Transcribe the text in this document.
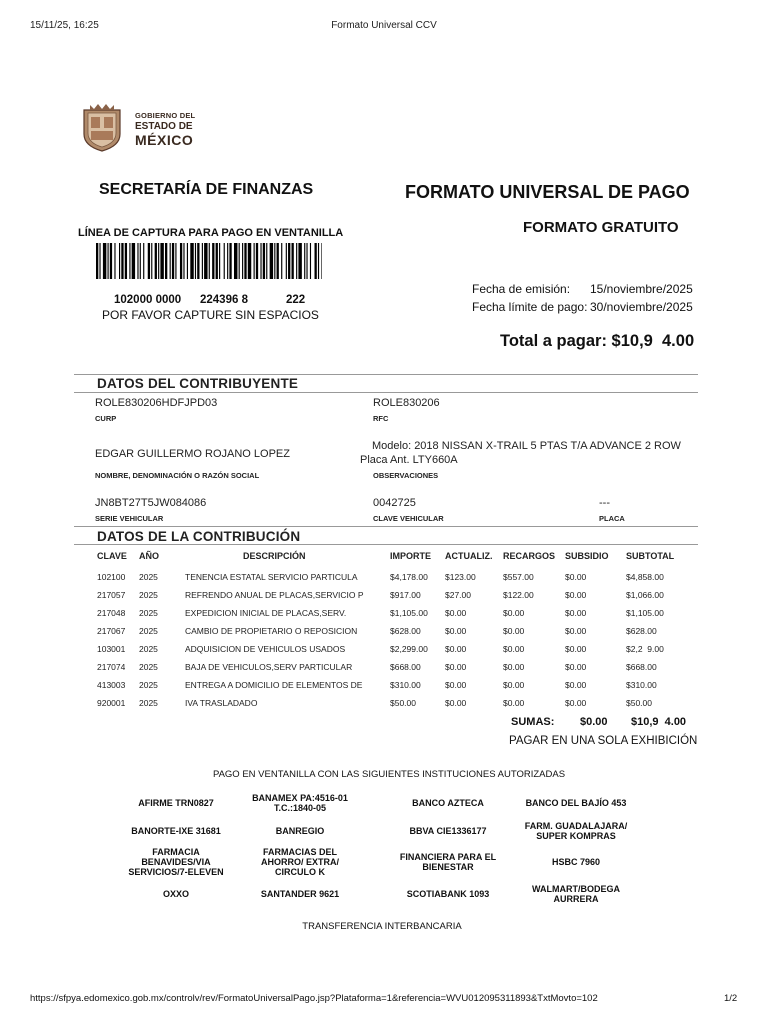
15/11/25, 16:25	Formato Universal CCV
GOBIERNO DEL
ESTADO DE
MÉXICO
SECRETARÍA DE FINANZAS	FORMATO UNIVERSAL DE PAGO
FORMATO GRATUITO
LÍNEA DE CAPTURA PARA PAGO EN VENTANILLA
102000 0000 224396 8	222
POR FAVOR CAPTURE SIN ESPACIOS
Fecha de emisión: 15/noviembre/2025
Fecha límite de pago: 30/noviembre/2025
Total a pagar: $10,9  4.00
DATOS DEL CONTRIBUYENTE
ROLE830206HDFJPD03
CURP
ROLE830206
RFC
EDGAR GUILLERMO ROJANO LOPEZ
NOMBRE, DENOMINACIÓN O RAZÓN SOCIAL
Modelo: 2018 NISSAN X-TRAIL 5 PTAS T/A ADVANCE 2 ROW
Placa Ant. LTY660A
OBSERVACIONES
JN8BT27T5JW084086
SERIE VEHICULAR
0042725
CLAVE VEHICULAR
---
PLACA
DATOS DE LA CONTRIBUCIÓN
CLAVE AÑO	DESCRIPCIÓN	IMPORTE ACTUALIZ. RECARGOS SUBSIDIO SUBTOTAL
102100 2025	TENENCIA ESTATAL SERVICIO PARTICULA	$4,178.00 $123.00	$557.00	$0.00	$4,858.00
217057 2025	REFRENDO ANUAL DE PLACAS,SERVICIO P	$917.00	$27.00	$122.00	$0.00	$1,066.00
217048 2025	EXPEDICION INICIAL DE PLACAS,SERV.	$1,105.00 $0.00	$0.00	$0.00	$1,105.00
217067 2025	CAMBIO DE PROPIETARIO O REPOSICION	$628.00	$0.00	$0.00	$0.00	$628.00
103001 2025	ADQUISICION DE VEHICULOS USADOS	$2,299.00 $0.00	$0.00	$0.00	$2,2  9.00
217074 2025	BAJA DE VEHICULOS,SERV PARTICULAR	$668.00	$0.00	$0.00	$0.00	$668.00
413003 2025	ENTREGA A DOMICILIO DE ELEMENTOS DE	$310.00	$0.00	$0.00	$0.00	$310.00
920001 2025	IVA TRASLADADO	$50.00	$0.00	$0.00	$0.00	$50.00
SUMAS: $0.00 $10,9  4.00
PAGAR EN UNA SOLA EXHIBICIÓN
PAGO EN VENTANILLA CON LAS SIGUIENTES INSTITUCIONES AUTORIZADAS
AFIRME TRN0827	BANAMEX PA:4516-01
T.C.:1840-05	BANCO AZTECA	BANCO DEL BAJÍO 453
BANORTE-IXE 31681	BANREGIO	BBVA CIE1336177	FARM. GUADALAJARA/
SUPER KOMPRAS
FARMACIA
BENAVIDES/VIA
SERVICIOS/7-ELEVEN
FARMACIAS DEL
AHORRO/ EXTRA/
CIRCULO K
FINANCIERA PARA EL
BIENESTAR	HSBC 7960
OXXO	SANTANDER 9621	SCOTIABANK 1093	WALMART/BODEGA
AURRERA
TRANSFERENCIA INTERBANCARIA
https://sfpya.edomexico.gob.mx/controlv/rev/FormatoUniversalPago.jsp?Plataforma=1&referencia=WVU012095311893&TxtMovto=102	1/2
